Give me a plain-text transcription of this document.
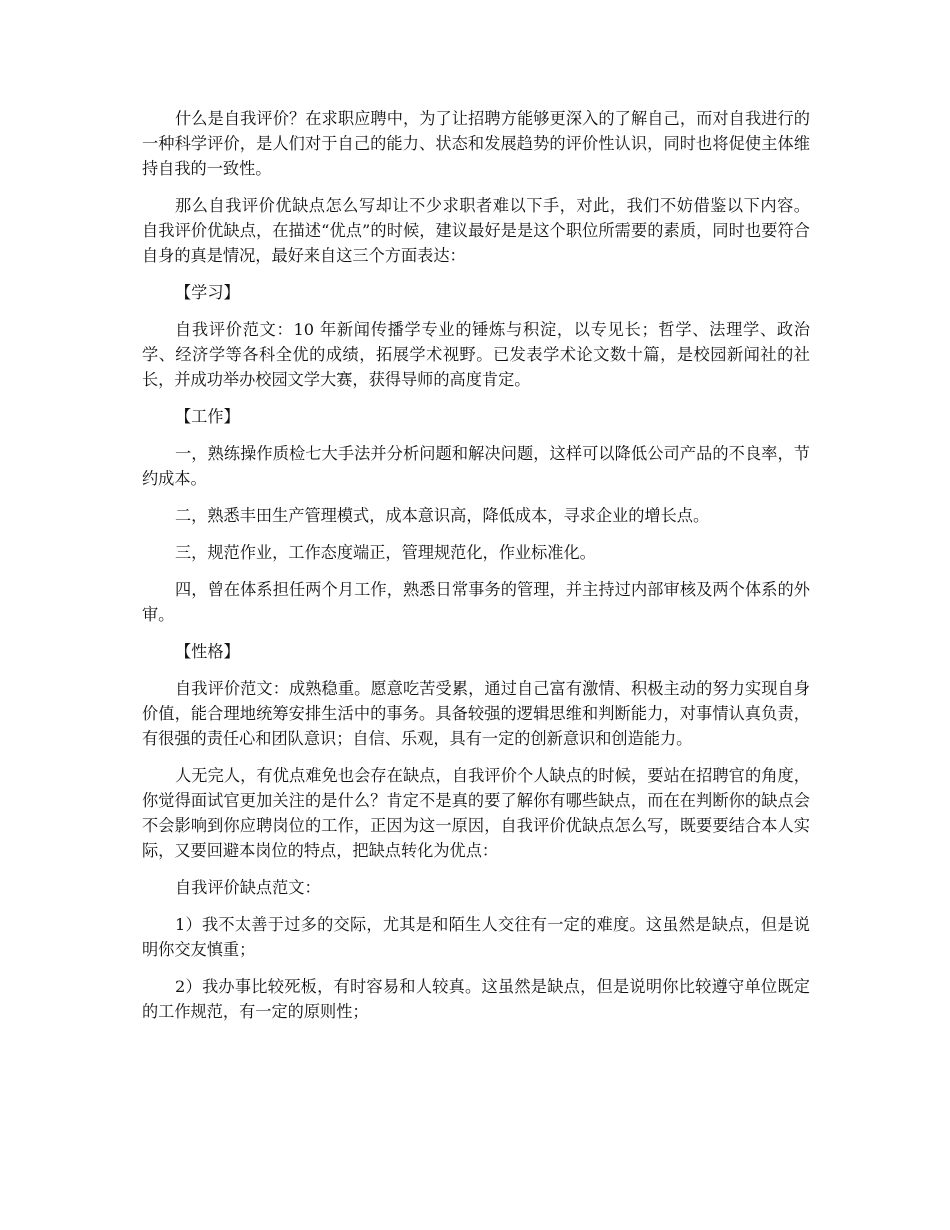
什么是自我评价？在求职应聘中，为了让招聘方能够更深入的了解自己，而对自我进行的一种科学评价，是人们对于自己的能力、状态和发展趋势的评价性认识，同时也将促使主体维持自我的一致性。

那么自我评价优缺点怎么写却让不少求职者难以下手，对此，我们不妨借鉴以下内容。 自我评价优缺点，在描述“优点”的时候，建议最好是是这个职位所需要的素质，同时也要符合自身的真是情况，最好来自这三个方面表达：

【学习】

自我评价范文：10 年新闻传播学专业的锤炼与积淀，以专见长；哲学、法理学、政治学、经济学等各科全优的成绩，拓展学术视野。已发表学术论文数十篇，是校园新闻社的社长，并成功举办校园文学大赛，获得导师的高度肯定。

【工作】

一，熟练操作质检七大手法并分析问题和解决问题，这样可以降低公司产品的不良率，节约成本。

二，熟悉丰田生产管理模式，成本意识高，降低成本，寻求企业的增长点。

三，规范作业，工作态度端正，管理规范化，作业标准化。

四，曾在体系担任两个月工作，熟悉日常事务的管理，并主持过内部审核及两个体系的外审。

【性格】

自我评价范文：成熟稳重。愿意吃苦受累，通过自己富有激情、积极主动的努力实现自身价值，能合理地统筹安排生活中的事务。具备较强的逻辑思维和判断能力，对事情认真负责，有很强的责任心和团队意识；自信、乐观，具有一定的创新意识和创造能力。

人无完人，有优点难免也会存在缺点，自我评价个人缺点的时候，要站在招聘官的角度，你觉得面试官更加关注的是什么？肯定不是真的要了解你有哪些缺点，而在在判断你的缺点会不会影响到你应聘岗位的工作，正因为这一原因，自我评价优缺点怎么写，既要要结合本人实际，又要回避本岗位的特点，把缺点转化为优点：

自我评价缺点范文：

1）我不太善于过多的交际，尤其是和陌生人交往有一定的难度。这虽然是缺点，但是说明你交友慎重；

2）我办事比较死板，有时容易和人较真。这虽然是缺点，但是说明你比较遵守单位既定的工作规范，有一定的原则性；
